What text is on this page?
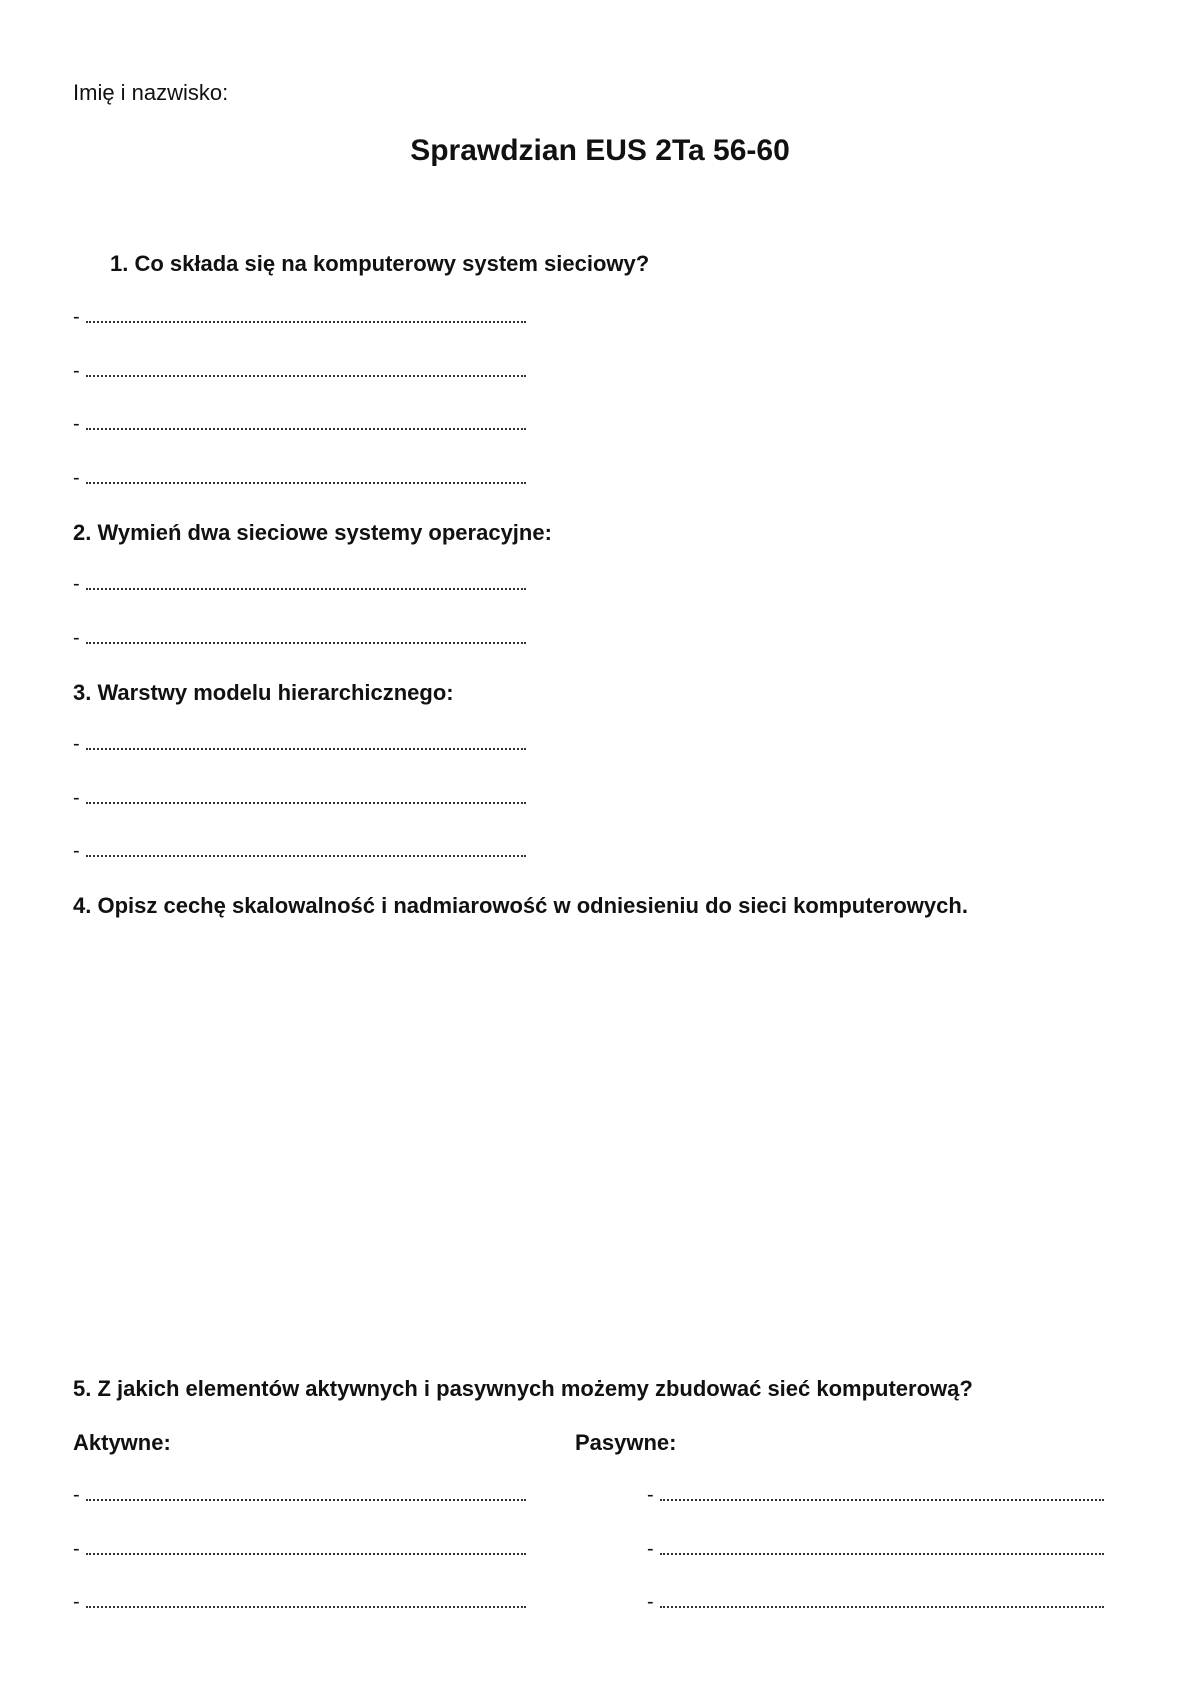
Imię i nazwisko:
Sprawdzian EUS 2Ta 56-60
1. Co składa się na komputerowy system sieciowy?
-
-
-
-
2. Wymień dwa sieciowe systemy operacyjne:
-
-
3. Warstwy modelu hierarchicznego:
-
-
-
4. Opisz cechę skalowalność i nadmiarowość w odniesieniu do sieci komputerowych.
5. Z jakich elementów aktywnych i pasywnych możemy zbudować sieć komputerową?
Aktywne:	Pasywne:
-
-
-
-
-
-
